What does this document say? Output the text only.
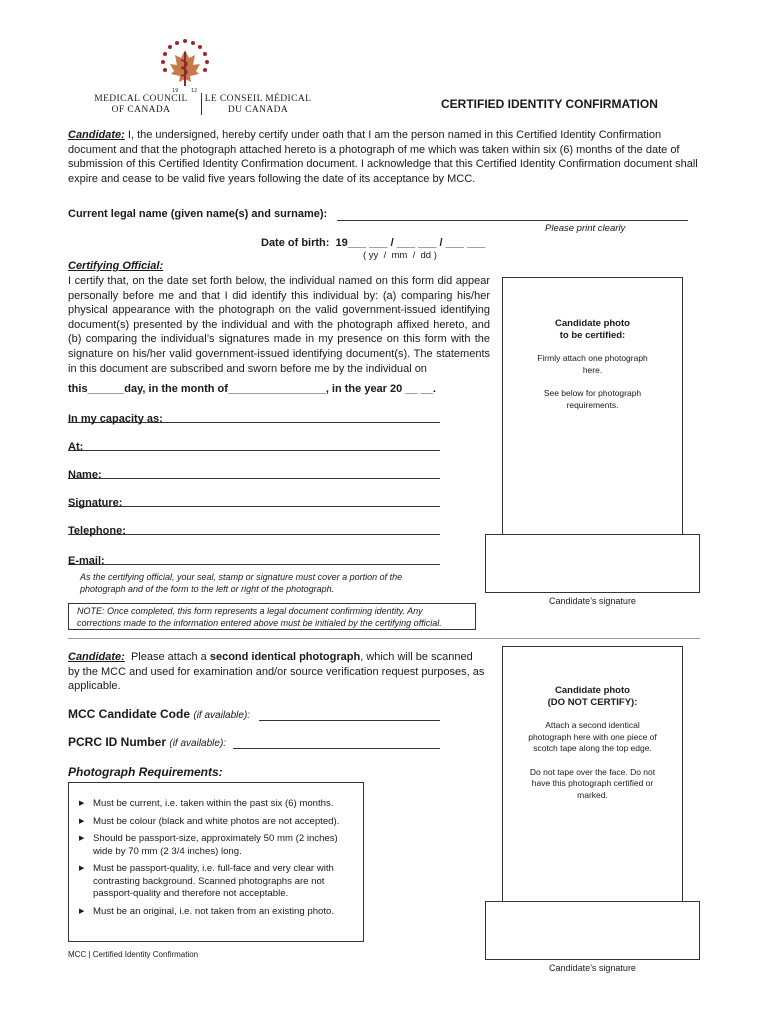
19	12
MEDICAL COUNCIL
OF CANADA
LE CONSEIL MÉDICAL
DU CANADA	CERTIFIED IDENTITY CONFIRMATION
Candidate: I, the undersigned, hereby certify under oath that I am the person named in this Certified Identity Confirmation document and that the photograph attached hereto is a photograph of me which was taken within six (6) months of the date of submission of this Certified Identity Confirmation document. I acknowledge that this Certified Identity Confirmation document shall expire and cease to be valid five years following the date of its acceptance by MCC.
Current legal name (given name(s) and surname):
Please print clearly
Date of birth:  19___ ___ / ___ ___ / ___ ___
( yy  /  mm  /  dd )
Certifying Official:
I certify that, on the date set forth below, the individual named on this form did appear personally before me and that I did identify this individual by: (a) comparing his/her physical appearance with the photograph on the valid government-issued identifying document(s) presented by the individual and with the photograph affixed hereto, and (b) comparing the individual’s signatures made in my presence on this form with the signature on his/her valid government-issued identifying document(s). The statements in this document are subscribed and sworn before me by the individual on
this______day, in the month of________________, in the year 20 __ __.
In my capacity as:
At:
Name:
Signature:
Telephone:
E-mail:
As the certifying official, your seal, stamp or signature must cover a portion of the photograph and of the form to the left or right of the photograph.
NOTE: Once completed, this form represents a legal document confirming identity. Any corrections made to the information entered above must be initialed by the certifying official.
Candidate photo
to be certified:
Firmly attach one photograph here.
See below for photograph requirements.
Candidate’s signature
Candidate:  Please attach a second identical photograph, which will be scanned by the MCC and used for examination and/or source verification request purposes, as applicable.
MCC Candidate Code (if available):
PCRC ID Number (if available):
Photograph Requirements:
▶ Must be current, i.e. taken within the past six (6) months.
▶ Must be colour (black and white photos are not accepted).
▶ Should be passport-size, approximately 50 mm (2 inches) wide by 70 mm (2 3/4 inches) long.
▶ Must be passport-quality, i.e. full-face and very clear with contrasting background. Scanned photographs are not passport-quality and therefore not acceptable.
▶ Must be an original, i.e. not taken from an existing photo.
Candidate photo
(DO NOT CERTIFY):
Attach a second identical photograph here with one piece of scotch tape along the top edge.
Do not tape over the face. Do not have this photograph certified or marked.
Candidate’s signature
MCC | Certified Identity Confirmation
